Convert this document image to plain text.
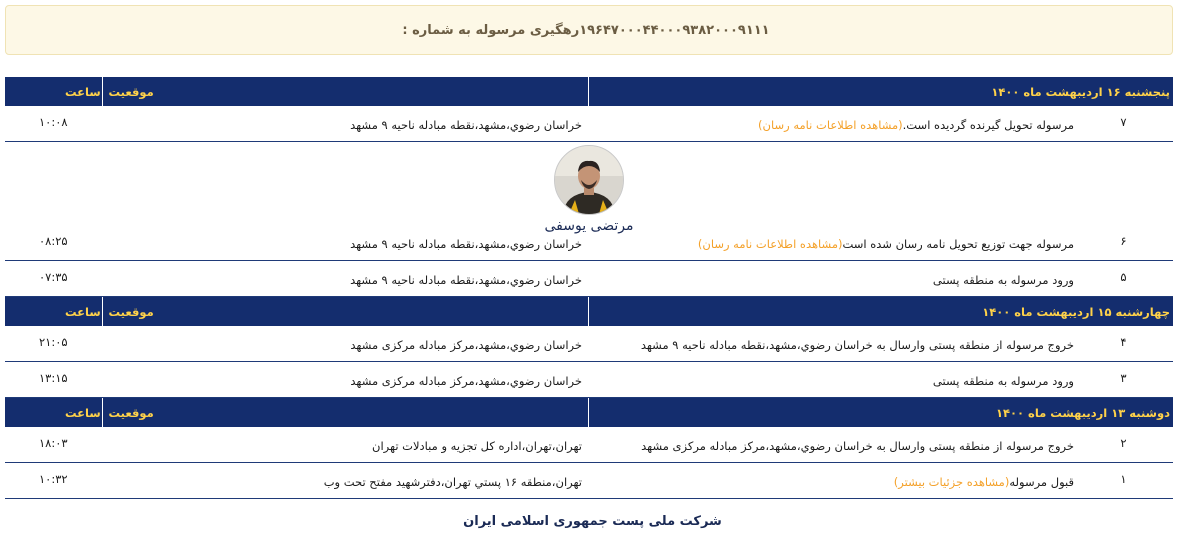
رهگیری مرسوله به شماره : ۱۹۶۴۷۰۰۰۴۴۰۰۰۹۳۸۲۰۰۰۹۱۱۱
پنجشنبه ۱۶ اردیبهشت ماه ۱۴۰۰		موقعیت	ساعت
۷	مرسوله تحویل گیرنده گردیده است.(مشاهده اطلاعات نامه رسان)	خراسان رضوي،مشهد،نقطه مبادله ناحیه ۹ مشهد	۱۰:۰۸

مرتضی یوسفی			

۶	مرسوله جهت توزیع تحویل نامه رسان شده است(مشاهده اطلاعات نامه رسان)	خراسان رضوي،مشهد،نقطه مبادله ناحیه ۹ مشهد	۰۸:۲۵
۵	ورود مرسوله به منطقه پستی	خراسان رضوي،مشهد،نقطه مبادله ناحیه ۹ مشهد	۰۷:۳۵
چهارشنبه ۱۵ اردیبهشت ماه ۱۴۰۰		موقعیت	ساعت
۴	خروج مرسوله از منطقه پستی وارسال به خراسان رضوي،مشهد،نقطه مبادله ناحیه ۹ مشهد	خراسان رضوي،مشهد،مرکز مبادله مرکزی مشهد	۲۱:۰۵
۳	ورود مرسوله به منطقه پستی	خراسان رضوي،مشهد،مرکز مبادله مرکزی مشهد	۱۳:۱۵
دوشنبه ۱۳ اردیبهشت ماه ۱۴۰۰		موقعیت	ساعت
۲	خروج مرسوله از منطقه پستی وارسال به خراسان رضوي،مشهد،مرکز مبادله مرکزی مشهد	تهران،تهران،اداره کل تجزیه و مبادلات تهران	۱۸:۰۳
۱	قبول مرسوله(مشاهده جزئیات بیشتر)	تهران،منطقه ۱۶ پستي تهران،دفترشهید مفتح تحت وب	۱۰:۳۲
شرکت ملی پست جمهوری اسلامی ایران
